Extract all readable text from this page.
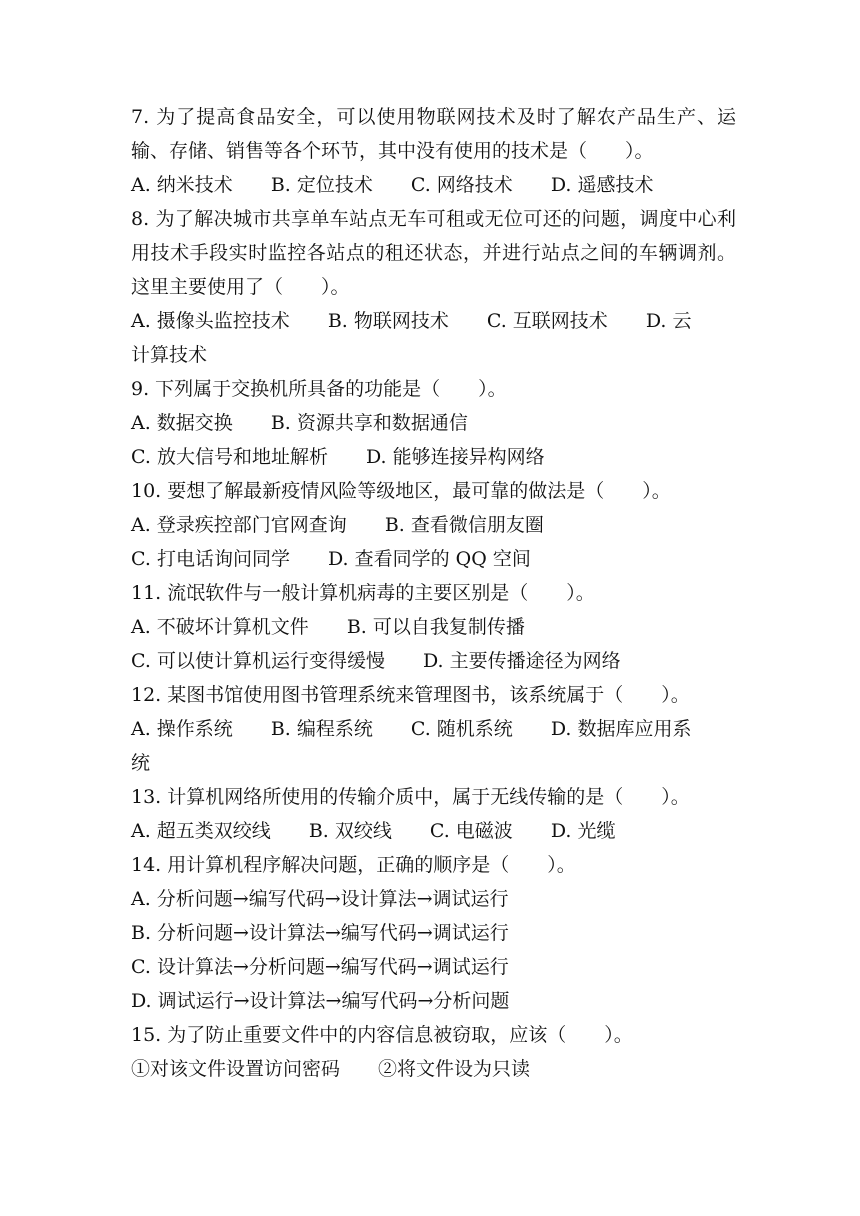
7. 为了提高食品安全，可以使用物联网技术及时了解农产品生产、运输、存储、销售等各个环节，其中没有使用的技术是（　　）。
A. 纳米技术 B. 定位技术 C. 网络技术 D. 遥感技术
8. 为了解决城市共享单车站点无车可租或无位可还的问题，调度中心利用技术手段实时监控各站点的租还状态，并进行站点之间的车辆调剂。这里主要使用了（　　）。
A. 摄像头监控技术 B. 物联网技术 C. 互联网技术 D. 云
计算技术
9. 下列属于交换机所具备的功能是（　　）。
A. 数据交换 B. 资源共享和数据通信
C. 放大信号和地址解析 D. 能够连接异构网络
10. 要想了解最新疫情风险等级地区，最可靠的做法是（　　）。
A. 登录疾控部门官网查询 B. 查看微信朋友圈
C. 打电话询问同学 D. 查看同学的 QQ 空间
11. 流氓软件与一般计算机病毒的主要区别是（　　）。
A. 不破坏计算机文件 B. 可以自我复制传播
C. 可以使计算机运行变得缓慢 D. 主要传播途径为网络
12. 某图书馆使用图书管理系统来管理图书，该系统属于（　　）。
A. 操作系统 B. 编程系统 C. 随机系统 D. 数据库应用系
统
13. 计算机网络所使用的传输介质中，属于无线传输的是（　　）。
A. 超五类双绞线 B. 双绞线 C. 电磁波 D. 光缆
14. 用计算机程序解决问题，正确的顺序是（　　）。
A. 分析问题→编写代码→设计算法→调试运行
B. 分析问题→设计算法→编写代码→调试运行
C. 设计算法→分析问题→编写代码→调试运行
D. 调试运行→设计算法→编写代码→分析问题
15. 为了防止重要文件中的内容信息被窃取，应该（　　）。
①对该文件设置访问密码 ②将文件设为只读
